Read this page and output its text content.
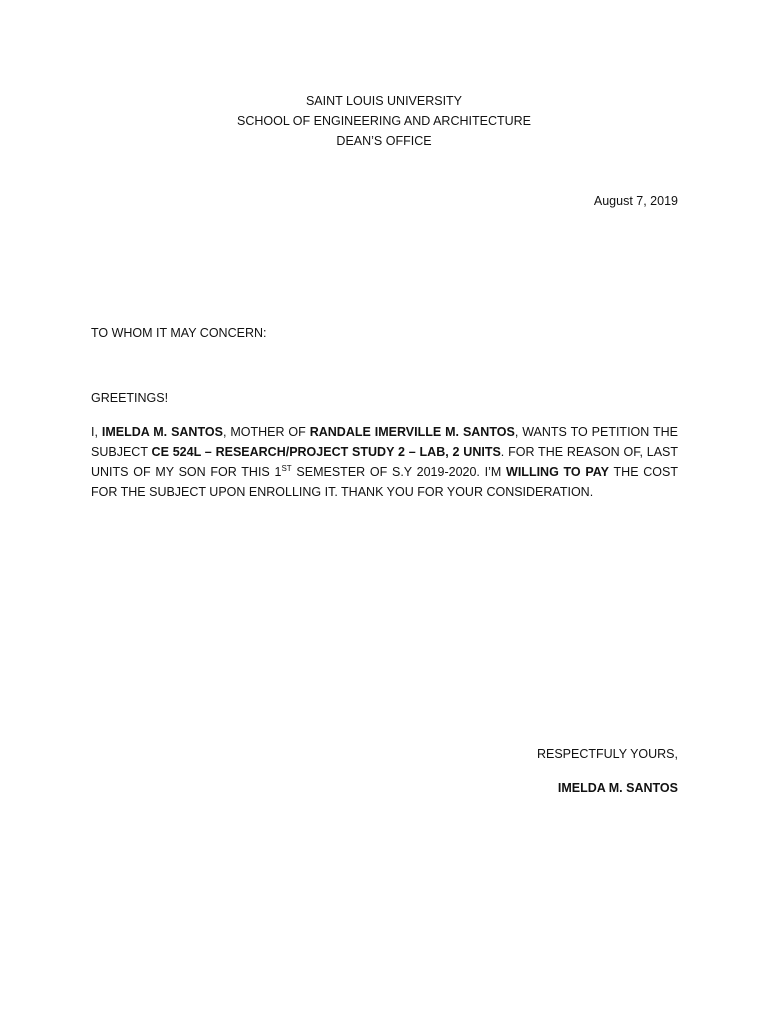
SAINT LOUIS UNIVERSITY
SCHOOL OF ENGINEERING AND ARCHITECTURE
DEAN’S OFFICE
August 7, 2019
TO WHOM IT MAY CONCERN:
GREETINGS!
I, IMELDA M. SANTOS, MOTHER OF RANDALE IMERVILLE M. SANTOS, WANTS TO PETITION THE SUBJECT CE 524L – RESEARCH/PROJECT STUDY 2 – LAB, 2 UNITS. FOR THE REASON OF, LAST UNITS OF MY SON FOR THIS 1ST SEMESTER OF S.Y 2019-2020. I’M WILLING TO PAY THE COST FOR THE SUBJECT UPON ENROLLING IT. THANK YOU FOR YOUR CONSIDERATION.
RESPECTFULY YOURS,
IMELDA M. SANTOS
